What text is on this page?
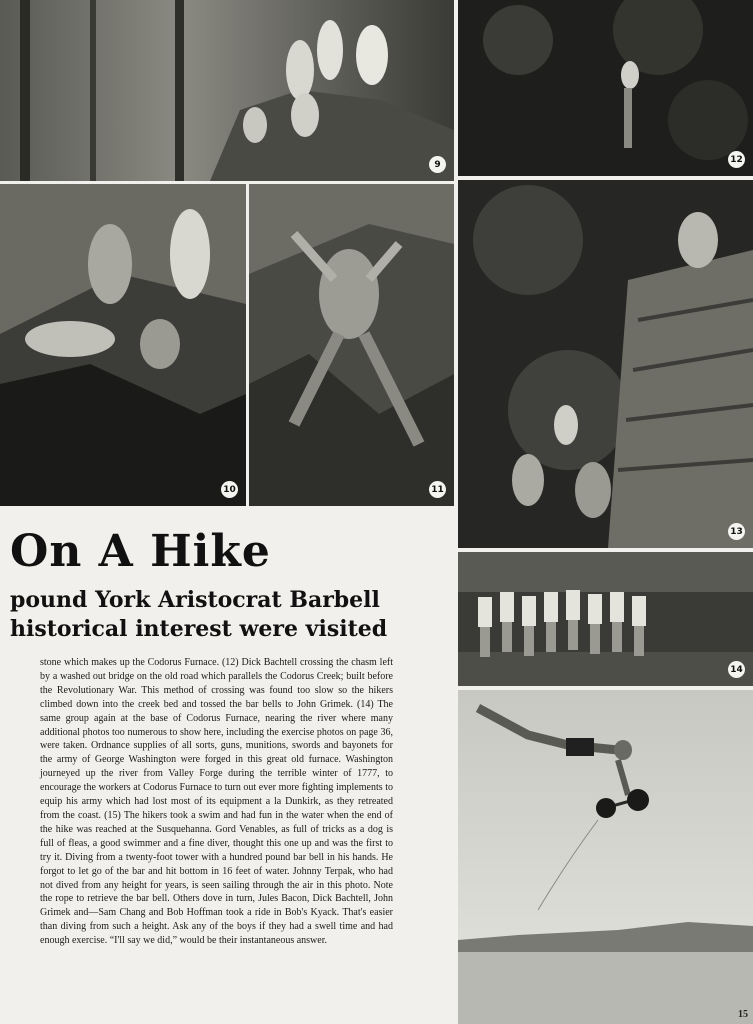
9	12
10	11
13
14
On A Hike
pound York Aristocrat Barbell
historical interest were visited

stone which makes up the Codorus Furnace. (12) Dick Bachtell crossing the chasm left by a washed out bridge on the old road which parallels the Codorus Creek; built before the Revolutionary War. This method of crossing was found too slow so the hikers climbed down into the creek bed and tossed the bar bells to John Grimek. (14) The same group again at the base of Codorus Furnace, nearing the river where many additional photos too numerous to show here, including the exercise photos on page 36, were taken. Ordnance supplies of all sorts, guns, munitions, swords and bayonets for the army of George Washington were forged in this great old furnace. Washington journeyed up the river from Valley Forge during the terrible winter of 1777, to encourage the workers at Codorus Furnace to turn out ever more fighting implements to equip his army which had lost most of its equipment a la Dunkirk, as they retreated from the coast. (15) The hikers took a swim and had fun in the water when the end of the hike was reached at the Susquehanna. Gord Venables, as full of tricks as a dog is full of fleas, a good swimmer and a fine diver, thought this one up and was the first to try it. Diving from a twenty-foot tower with a hundred pound bar bell in his hands. He forgot to let go of the bar and hit bottom in 16 feet of water. Johnny Terpak, who had not dived from any height for years, is seen sailing through the air in this photo. Note the rope to retrieve the bar bell. Others dove in turn, Jules Bacon, Dick Bachtell, John Grimek and—Sam Chang and Bob Hoffman took a ride in Bob's Kyack. That's easier than diving from such a height. Ask any of the boys if they had a swell time and had enough exercise. “I'll say we did,” would be their instantaneous answer.

15
